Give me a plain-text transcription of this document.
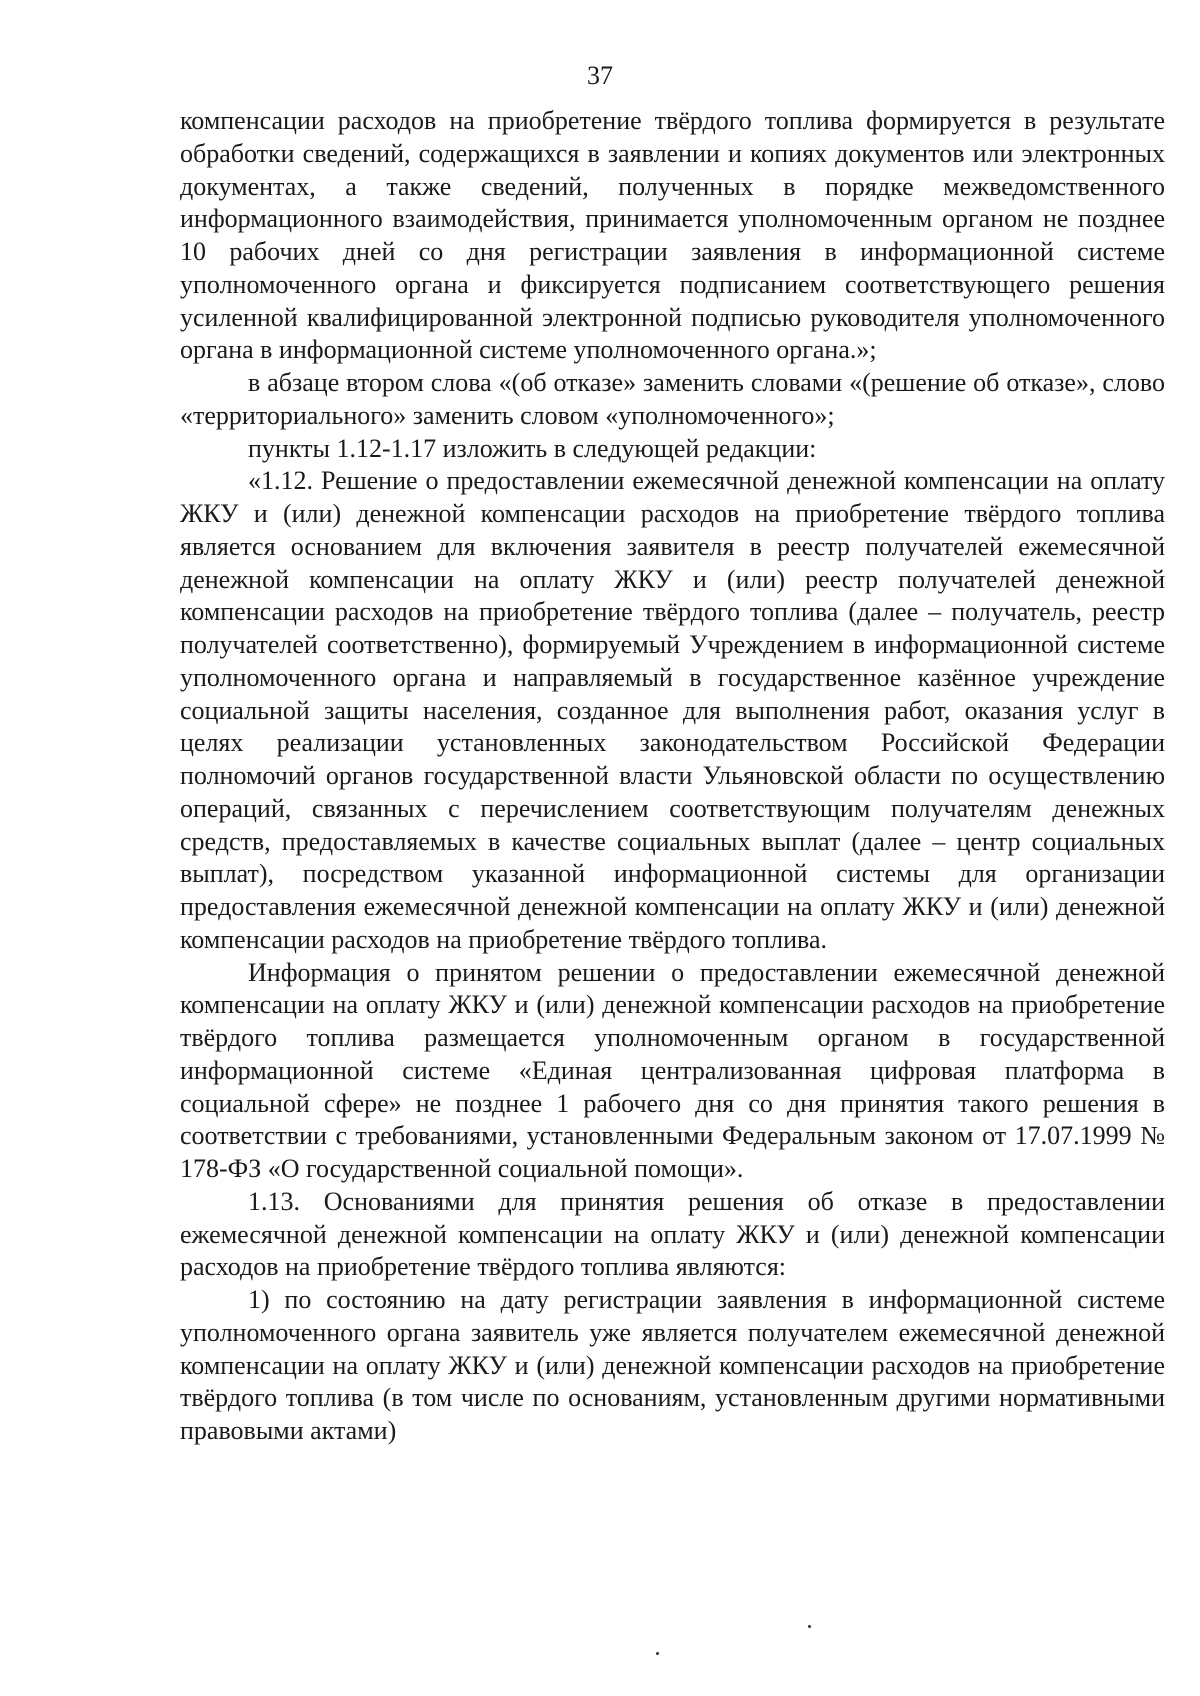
37

компенсации расходов на приобретение твёрдого топлива формируется в результате обработки сведений, содержащихся в заявлении и копиях документов или электронных документах, а также сведений, полученных в порядке межведомственного информационного взаимодействия, принимается уполномоченным органом не позднее 10 рабочих дней со дня регистрации заявления в информационной системе уполномоченного органа и фиксируется подписанием соответствующего решения усиленной квалифицированной электронной подписью руководителя уполномоченного органа в информационной системе уполномоченного органа.»;

в абзаце втором слова «(об отказе» заменить словами «(решение об отказе», слово «территориального» заменить словом «уполномоченного»;

пункты 1.12-1.17 изложить в следующей редакции:

«1.12. Решение о предоставлении ежемесячной денежной компенсации на оплату ЖКУ и (или) денежной компенсации расходов на приобретение твёрдого топлива является основанием для включения заявителя в реестр получателей ежемесячной денежной компенсации на оплату ЖКУ и (или) реестр получателей денежной компенсации расходов на приобретение твёрдого топлива (далее – получатель, реестр получателей соответственно), формируемый Учреждением в информационной системе уполномоченного органа и направляемый в государственное казённое учреждение социальной защиты населения, созданное для выполнения работ, оказания услуг в целях реализации установленных законодательством Российской Федерации полномочий органов государственной власти Ульяновской области по осуществлению операций, связанных с перечислением соответствующим получателям денежных средств, предоставляемых в качестве социальных выплат (далее – центр социальных выплат), посредством указанной информационной системы для организации предоставления ежемесячной денежной компенсации на оплату ЖКУ и (или) денежной компенсации расходов на приобретение твёрдого топлива.

Информация о принятом решении о предоставлении ежемесячной денежной компенсации на оплату ЖКУ и (или) денежной компенсации расходов на приобретение твёрдого топлива размещается уполномоченным органом в государственной информационной системе «Единая централизованная цифровая платформа в социальной сфере» не позднее 1 рабочего дня со дня принятия такого решения в соответствии с требованиями, установленными Федеральным законом от 17.07.1999 № 178-ФЗ «О государственной социальной помощи».

1.13. Основаниями для принятия решения об отказе в предоставлении ежемесячной денежной компенсации на оплату ЖКУ и (или) денежной компенсации расходов на приобретение твёрдого топлива являются:

1) по состоянию на дату регистрации заявления в информационной системе уполномоченного органа заявитель уже является получателем ежемесячной денежной компенсации на оплату ЖКУ и (или) денежной компенсации расходов на приобретение твёрдого топлива (в том числе по основаниям, установленным другими нормативными правовыми актами)
